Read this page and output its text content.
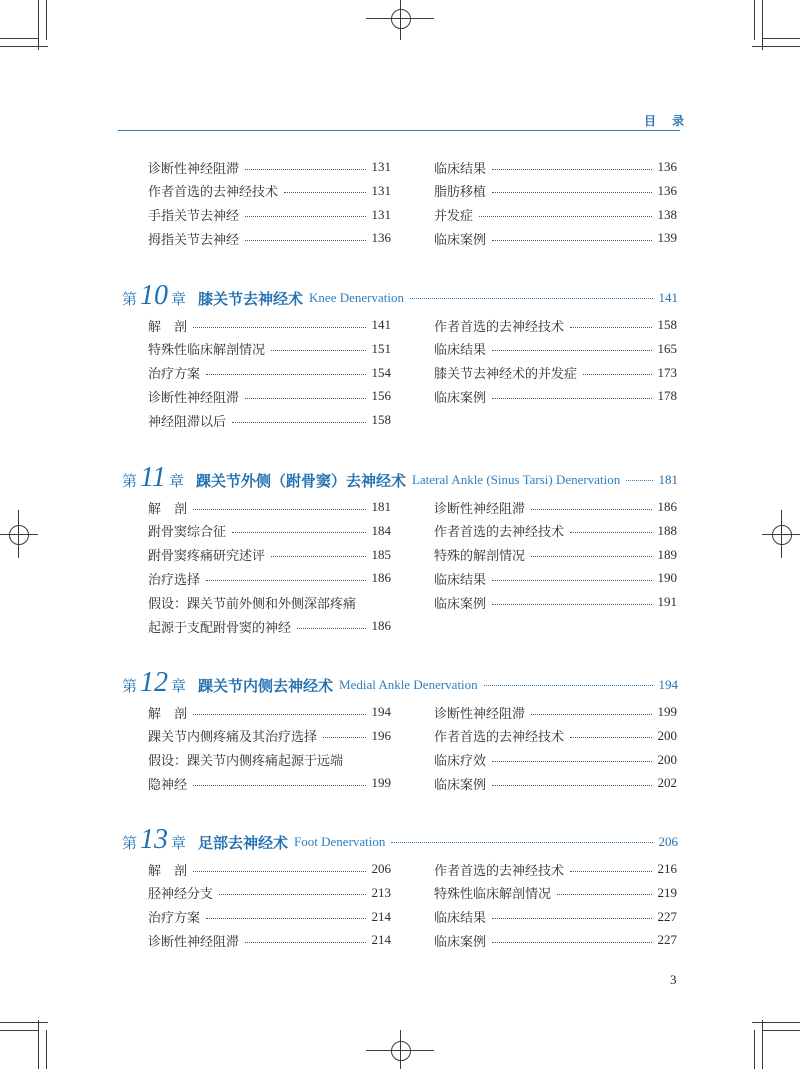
目 录
诊断性神经阻滞	131
作者首选的去神经技术	131
手指关节去神经	131
拇指关节去神经	136
临床结果	136
脂肪移植	136
并发症	138
临床案例	139
第 10 章 膝关节去神经术 Knee Denervation	141
解　剖	141
特殊性临床解剖情况	151
治疗方案	154
诊断性神经阻滞	156
神经阻滞以后	158
作者首选的去神经技术	158
临床结果	165
膝关节去神经术的并发症	173
临床案例	178
第 11 章 踝关节外侧（跗骨窦）去神经术 Lateral Ankle (Sinus Tarsi) Denervation	181
解　剖	181
跗骨窦综合征	184
跗骨窦疼痛研究述评	185
治疗选择	186
假设：踝关节前外侧和外侧深部疼痛
起源于支配跗骨窦的神经	186
诊断性神经阻滞	186
作者首选的去神经技术	188
特殊的解剖情况	189
临床结果	190
临床案例	191
第 12 章 踝关节内侧去神经术 Medial Ankle Denervation	194
解　剖	194
踝关节内侧疼痛及其治疗选择	196
假设：踝关节内侧疼痛起源于远端
隐神经	199
诊断性神经阻滞	199
作者首选的去神经技术	200
临床疗效	200
临床案例	202
第 13 章 足部去神经术 Foot Denervation	206
解　剖	206
胫神经分支	213
治疗方案	214
诊断性神经阻滞	214
作者首选的去神经技术	216
特殊性临床解剖情况	219
临床结果	227
临床案例	227
3
